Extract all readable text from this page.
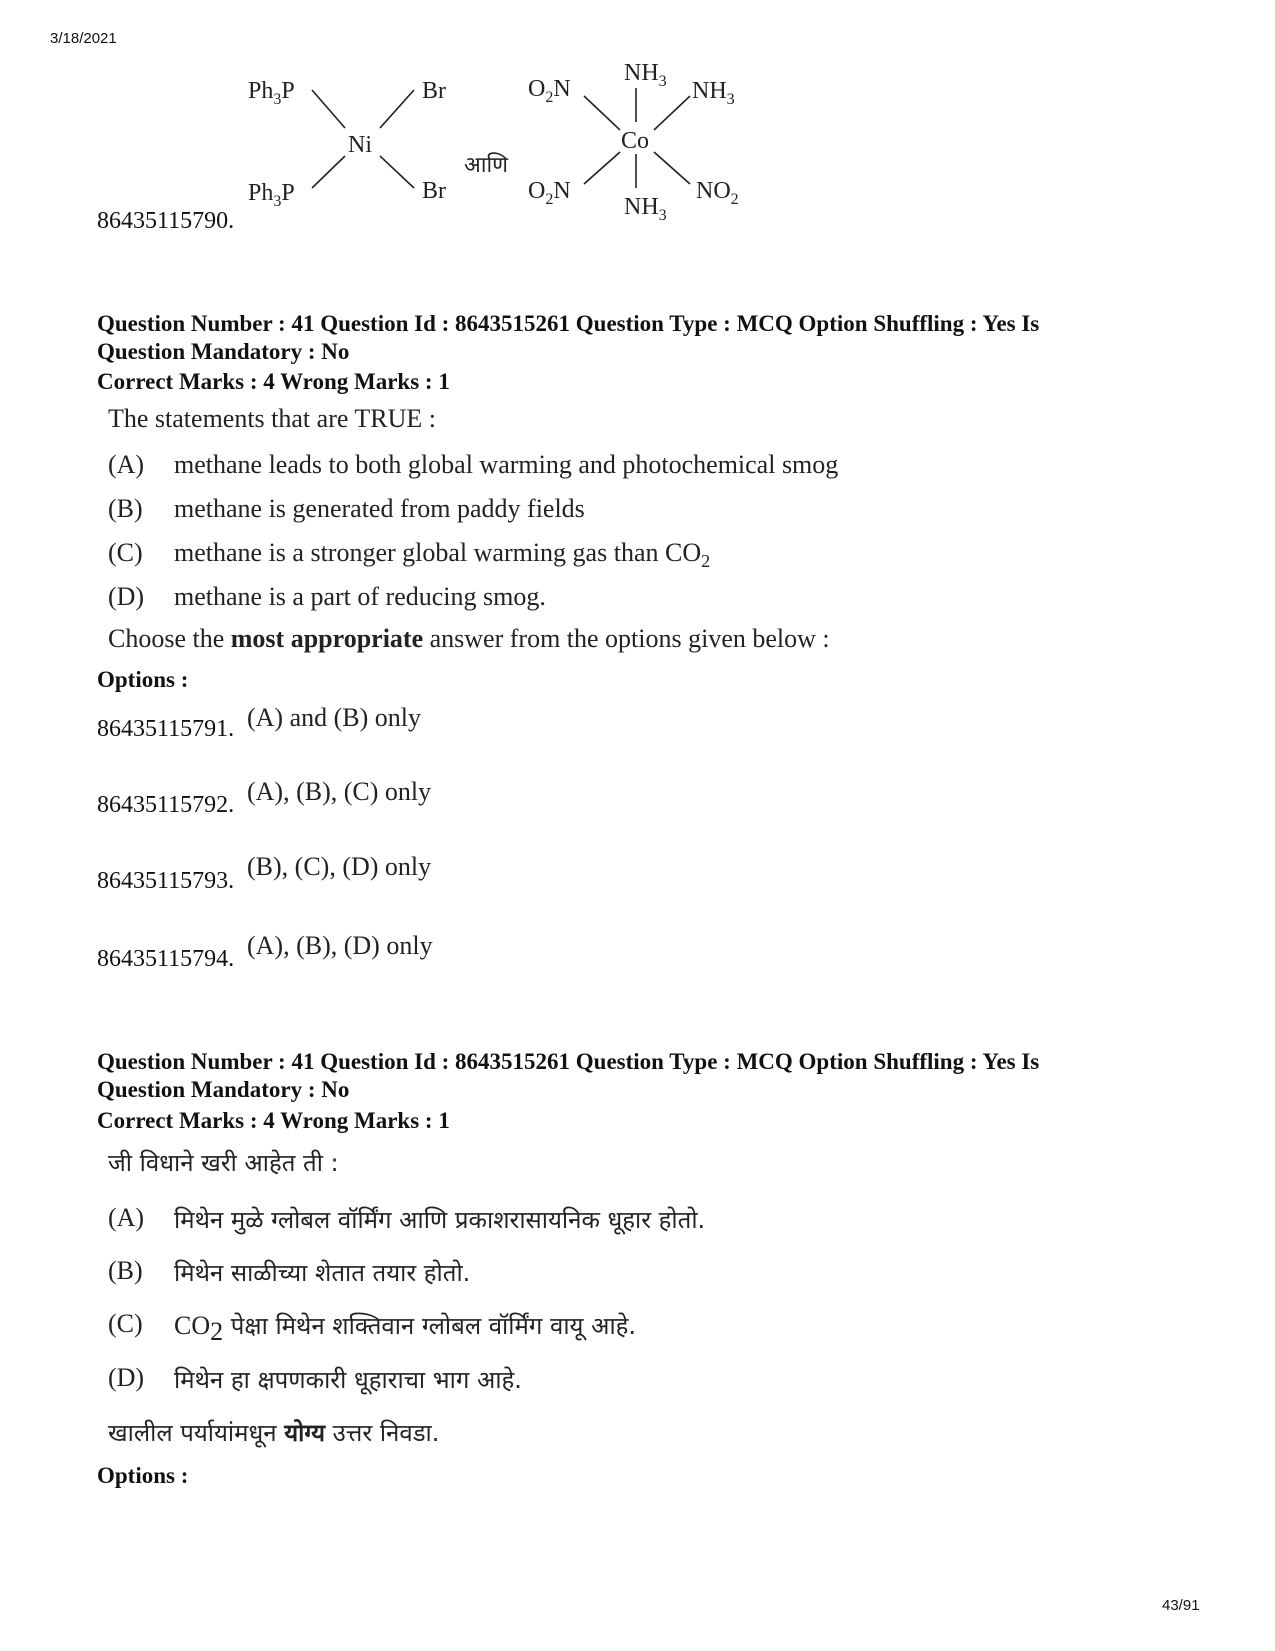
3/18/2021
86435115790.
$Ph_3P$
$Ph_3P$
Br
Br
Ni
आणि
$O_2N$
$O_2N$
$NH_3$
$NH_3$
$NH_3$
$NO_2$
Co
Question Number : 41 Question Id : 8643515261 Question Type : MCQ Option Shuffling : Yes Is
Question Mandatory : No
Correct Marks : 4 Wrong Marks : 1
The statements that are TRUE :
(A) methane leads to both global warming and photochemical smog
(B) methane is generated from paddy fields
(C) methane is a stronger global warming gas than $CO_2$
(D) methane is a part of reducing smog.
Choose the most appropriate answer from the options given below :
Options :
86435115791. (A) and (B) only
86435115792. (A), (B), (C) only
86435115793. (B), (C), (D) only
86435115794. (A), (B), (D) only
Question Number : 41 Question Id : 8643515261 Question Type : MCQ Option Shuffling : Yes Is
Question Mandatory : No
Correct Marks : 4 Wrong Marks : 1
जी विधाने खरी आहेत ती :
(A) मिथेन मुळे ग्लोबल वॉर्मिंग आणि प्रकाशरासायनिक धूहार होतो.
(B) मिथेन साळीच्या शेतात तयार होतो.
(C) $CO_2$ पेक्षा मिथेन शक्तिवान ग्लोबल वॉर्मिंग वायू आहे.
(D) मिथेन हा क्षपणकारी धूहाराचा भाग आहे.
खालील पर्यायांमधून योग्य उत्तर निवडा.
Options :
43/91
